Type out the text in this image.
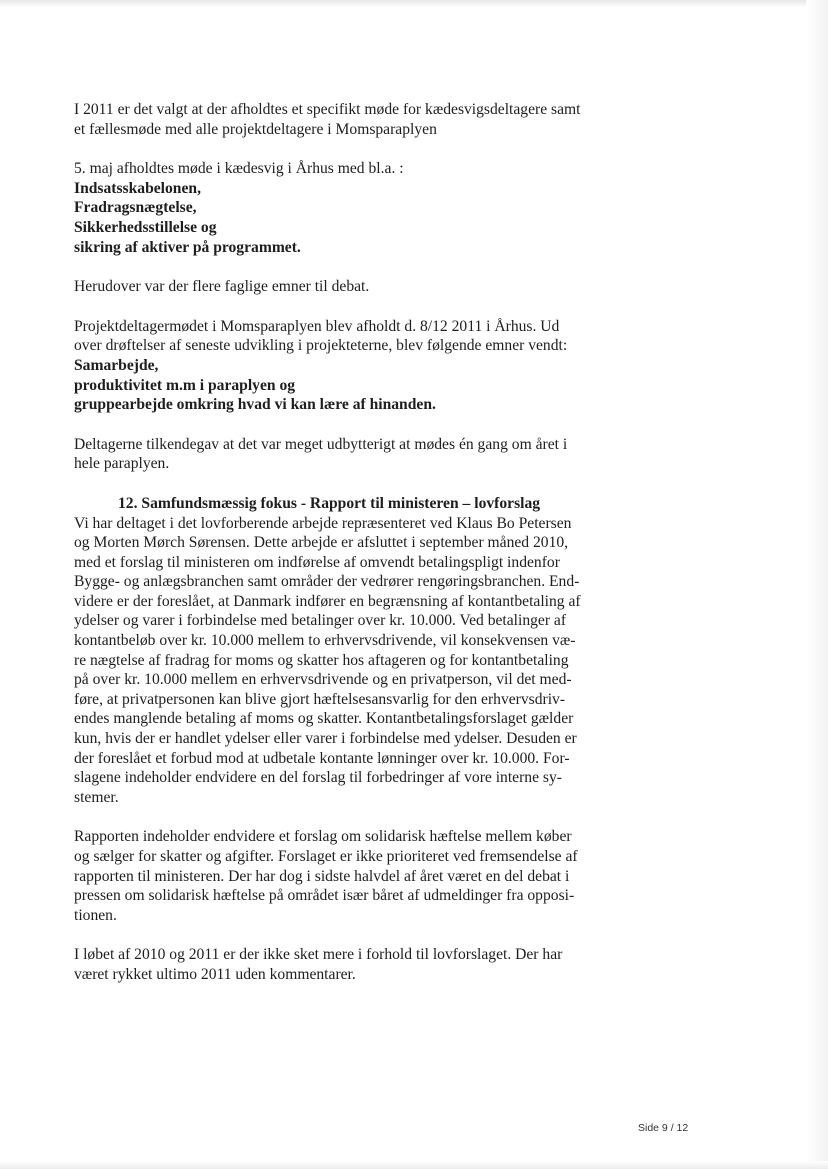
I 2011 er det valgt at der afholdtes et specifikt møde for kædesvigsdeltagere samt
et fællesmøde med alle projektdeltagere i Momsparaplyen
5. maj afholdtes møde i kædesvig i Århus med bl.a. :
Indsatsskabelonen,
Fradragsnægtelse,
Sikkerhedsstillelse og
sikring af aktiver på programmet.
Herudover var der flere faglige emner til debat.
Projektdeltagermødet i Momsparaplyen blev afholdt d. 8/12 2011 i Århus. Ud
over drøftelser af seneste udvikling i projekteterne, blev følgende emner vendt:
Samarbejde,
produktivitet m.m i paraplyen og
gruppearbejde omkring hvad vi kan lære af hinanden.
Deltagerne tilkendegav at det var meget udbytterigt at mødes én gang om året i
hele paraplyen.
12. Samfundsmæssig fokus - Rapport til ministeren – lovforslag
Vi har deltaget i det lovforberende arbejde repræsenteret ved Klaus Bo Petersen
og Morten Mørch Sørensen. Dette arbejde er afsluttet i september måned 2010,
med et forslag til ministeren om indførelse af omvendt betalingspligt indenfor
Bygge- og anlægsbranchen samt områder der vedrører rengøringsbranchen. End-
videre er der foreslået, at Danmark indfører en begrænsning af kontantbetaling af
ydelser og varer i forbindelse med betalinger over kr. 10.000. Ved betalinger af
kontantbeløb over kr. 10.000 mellem to erhvervsdrivende, vil konsekvensen væ-
re nægtelse af fradrag for moms og skatter hos aftageren og for kontantbetaling
på over kr. 10.000 mellem en erhvervsdrivende og en privatperson, vil det med-
føre, at privatpersonen kan blive gjort hæftelsesansvarlig for den erhvervsdriv-
endes manglende betaling af moms og skatter. Kontantbetalingsforslaget gælder
kun, hvis der er handlet ydelser eller varer i forbindelse med ydelser. Desuden er
der foreslået et forbud mod at udbetale kontante lønninger over kr. 10.000. For-
slagene indeholder endvidere en del forslag til forbedringer af vore interne sy-
stemer.
Rapporten indeholder endvidere et forslag om solidarisk hæftelse mellem køber
og sælger for skatter og afgifter. Forslaget er ikke prioriteret ved fremsendelse af
rapporten til ministeren. Der har dog i sidste halvdel af året været en del debat i
pressen om solidarisk hæftelse på området især båret af udmeldinger fra opposi-
tionen.
I løbet af 2010 og 2011 er der ikke sket mere i forhold til lovforslaget. Der har
været rykket ultimo 2011 uden kommentarer.
Side 9 / 12
